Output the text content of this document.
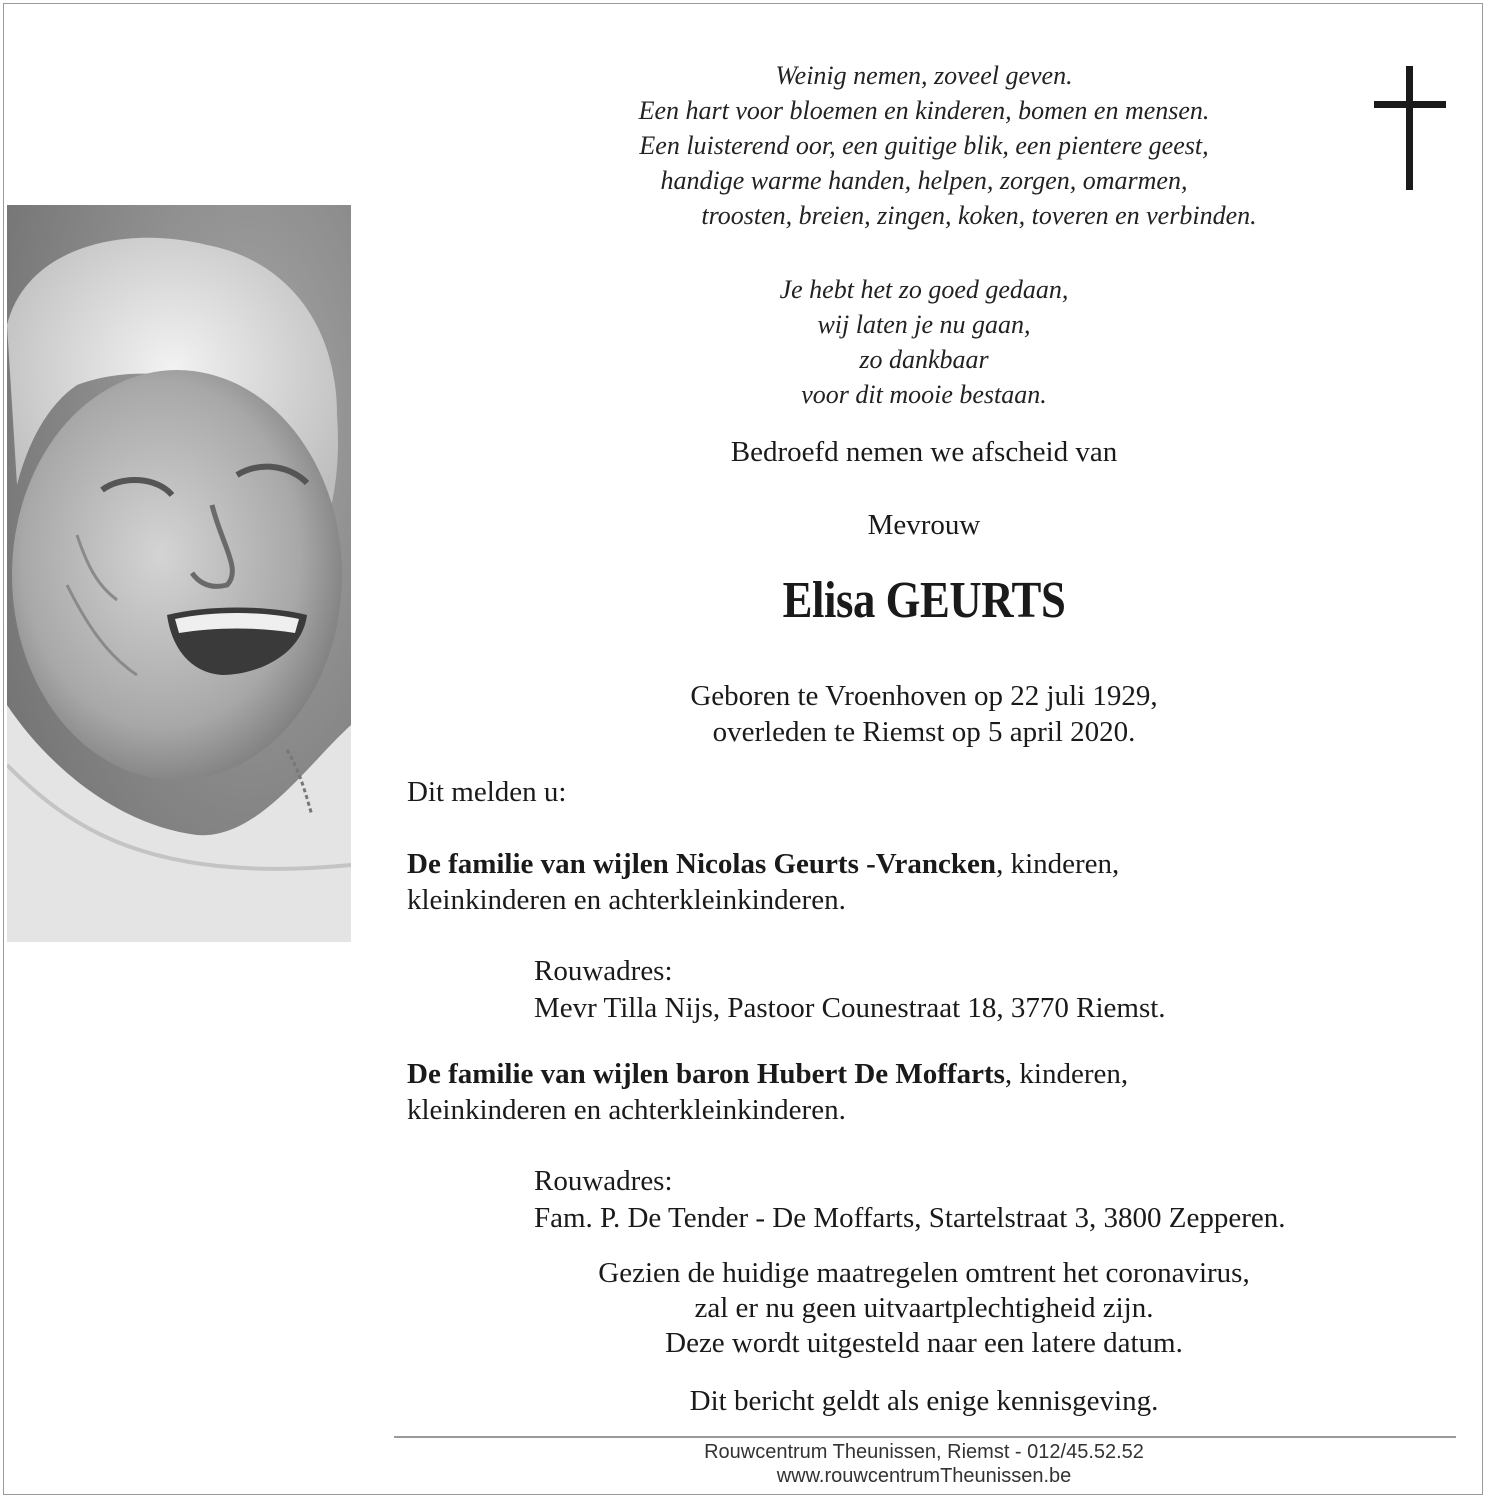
Weinig nemen, zoveel geven.
Een hart voor bloemen en kinderen, bomen en mensen.
Een luisterend oor, een guitige blik, een pientere geest,
handige warme handen, helpen, zorgen, omarmen,
troosten, breien, zingen, koken, toveren en verbinden.
Je hebt het zo goed gedaan,
wij laten je nu gaan,
zo dankbaar
voor dit mooie bestaan.
Bedroefd nemen we afscheid van
Mevrouw
Elisa GEURTS
Geboren te Vroenhoven op 22 juli 1929,
overleden te Riemst op 5 april 2020.
Dit melden u:
De familie van wijlen Nicolas Geurts -Vrancken, kinderen,
kleinkinderen en achterkleinkinderen.
Rouwadres:
Mevr Tilla Nijs, Pastoor Counestraat 18, 3770 Riemst.
De familie van wijlen baron Hubert De Moffarts, kinderen,
kleinkinderen en achterkleinkinderen.
Rouwadres:
Fam. P. De Tender - De Moffarts, Startelstraat 3, 3800 Zepperen.
Gezien de huidige maatregelen omtrent het coronavirus,
zal er nu geen uitvaartplechtigheid zijn.
Deze wordt uitgesteld naar een latere datum.
Dit bericht geldt als enige kennisgeving.
Rouwcentrum Theunissen, Riemst - 012/45.52.52
www.rouwcentrumTheunissen.be
